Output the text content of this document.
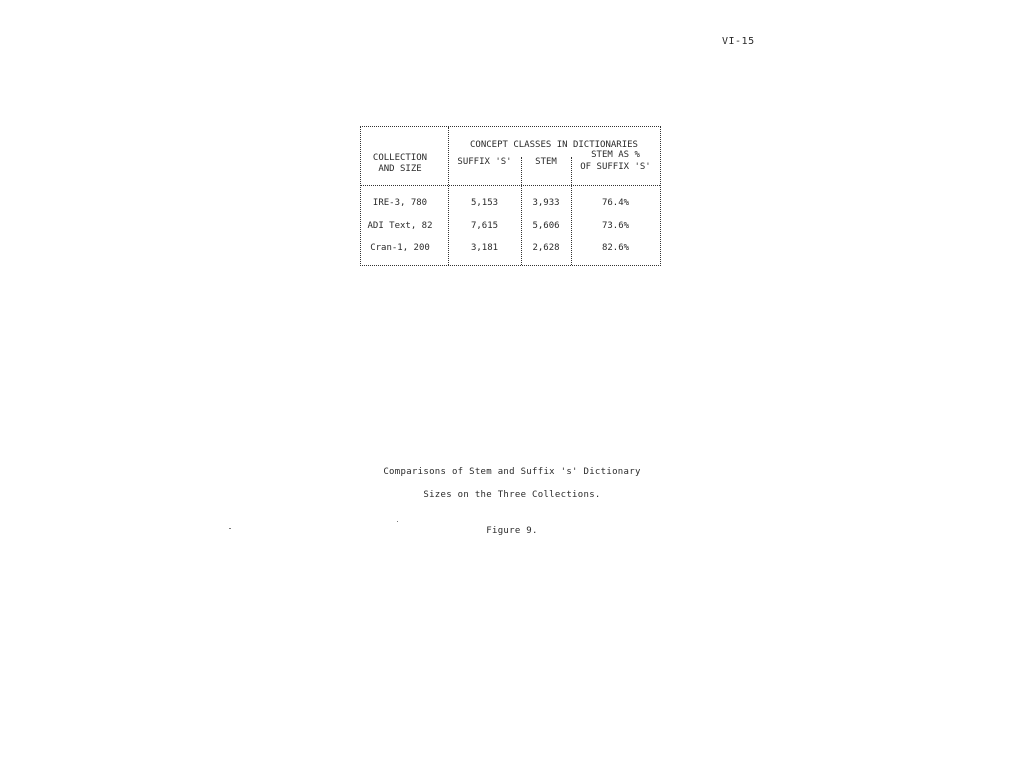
VI-15
COLLECTION
AND SIZE
CONCEPT CLASSES IN DICTIONARIES
SUFFIX 'S'	STEM
STEM AS %
OF SUFFIX 'S'
IRE-3, 780	5,153	3,933	76.4%
ADI Text, 82	7,615	5,606	73.6%
Cran-1, 200	3,181	2,628	82.6%
Comparisons of Stem and Suffix 's' Dictionary
Sizes on the Three Collections.
Figure 9.
